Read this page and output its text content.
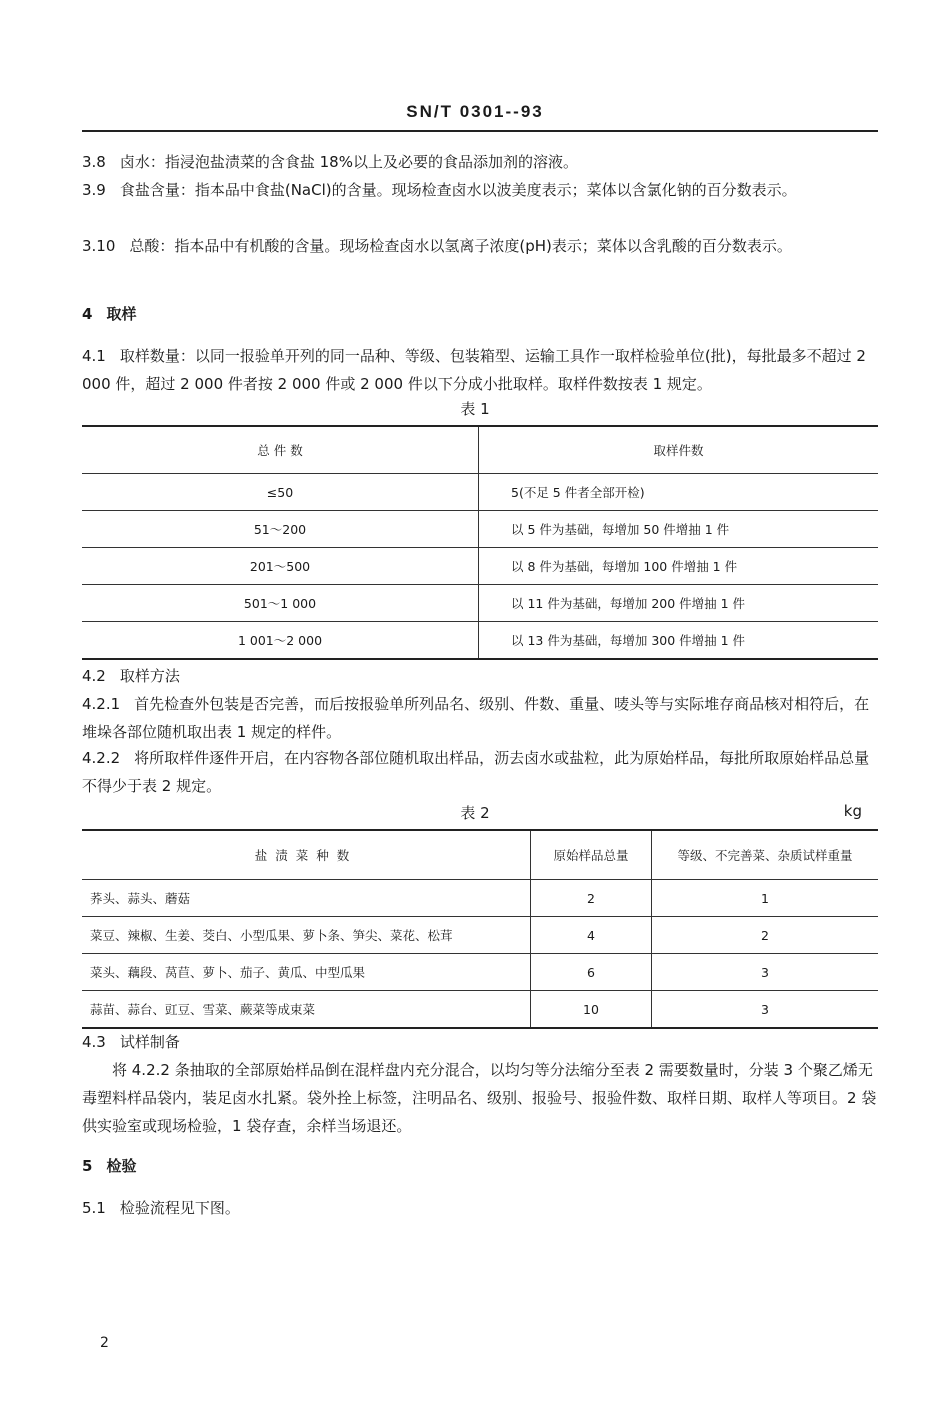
SN/T 0301--93
3.8 卤水：指浸泡盐渍菜的含食盐 18%以上及必要的食品添加剂的溶液。
3.9 食盐含量：指本品中食盐(NaCl)的含量。现场检查卤水以波美度表示；菜体以含氯化钠的百分数表示。
3.10 总酸：指本品中有机酸的含量。现场检查卤水以氢离子浓度(pH)表示；菜体以含乳酸的百分数表示。
4 取样
4.1 取样数量：以同一报验单开列的同一品种、等级、包装箱型、运输工具作一取样检验单位(批)，每批最多不超过 2 000 件，超过 2 000 件者按 2 000 件或 2 000 件以下分成小批取样。取样件数按表 1 规定。
表 1
总 件 数	取样件数
≤50	5(不足 5 件者全部开检)
51～200	以 5 件为基础，每增加 50 件增抽 1 件
201～500	以 8 件为基础，每增加 100 件增抽 1 件
501～1 000	以 11 件为基础，每增加 200 件增抽 1 件
1 001～2 000	以 13 件为基础，每增加 300 件增抽 1 件
4.2 取样方法
4.2.1 首先检查外包装是否完善，而后按报验单所列品名、级别、件数、重量、唛头等与实际堆存商品核对相符后，在堆垛各部位随机取出表 1 规定的样件。
4.2.2 将所取样件逐件开启，在内容物各部位随机取出样品，沥去卤水或盐粒，此为原始样品，每批所取原始样品总量不得少于表 2 规定。
表 2	kg
盐渍菜种数	原始样品总量	等级、不完善菜、杂质试样重量
荞头、蒜头、蘑菇	2	1
菜豆、辣椒、生姜、茭白、小型瓜果、萝卜条、笋尖、菜花、松茸	4	2
菜头、藕段、莴苣、萝卜、茄子、黄瓜、中型瓜果	6	3
蒜苗、蒜台、豇豆、雪菜、蕨菜等成束菜	10	3
4.3 试样制备
将 4.2.2 条抽取的全部原始样品倒在混样盘内充分混合，以均匀等分法缩分至表 2 需要数量时，分装 3 个聚乙烯无毒塑料样品袋内，装足卤水扎紧。袋外拴上标签，注明品名、级别、报验号、报验件数、取样日期、取样人等项目。2 袋供实验室或现场检验，1 袋存查，余样当场退还。
5 检验
5.1 检验流程见下图。
2
